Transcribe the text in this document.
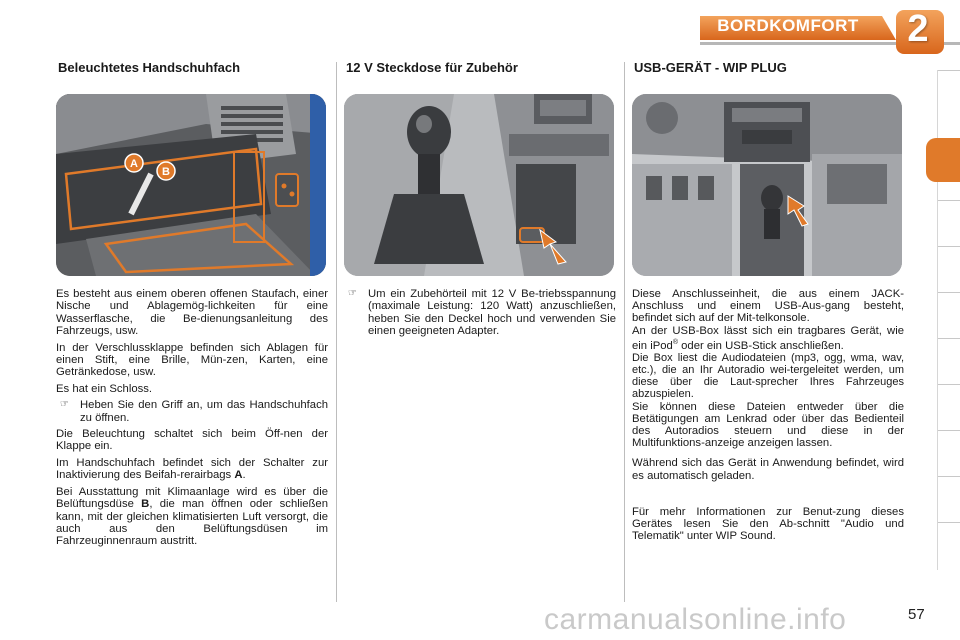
BORDKOMFORT	2
Beleuchtetes Handschuhfach
A
B

Es besteht aus einem oberen offenen Staufach, einer Nische und Ablagemög-lichkeiten für eine Wasserflasche, die Be-dienungsanleitung des Fahrzeugs, usw.

In der Verschlussklappe befinden sich Ablagen für einen Stift, eine Brille, Mün-zen, Karten, eine Getränkedose, usw.

Es hat ein Schloss.

☞ Heben Sie den Griff an, um das Handschuhfach zu öffnen.

Die Beleuchtung schaltet sich beim Öff-nen der Klappe ein.

Im Handschuhfach befindet sich der Schalter zur Inaktivierung des Beifah-rerairbags A.

Bei Ausstattung mit Klimaanlage wird es über die Belüftungsdüse B, die man öffnen oder schließen kann, mit der gleichen klimatisierten Luft versorgt, die auch aus den Belüftungsdüsen im Fahrzeuginnenraum austritt.

12 V Steckdose für Zubehör

☞ Um ein Zubehörteil mit 12 V Be-triebsspannung (maximale Leistung: 120 Watt) anzuschließen, heben Sie den Deckel hoch und verwenden Sie einen geeigneten Adapter.

USB-GERÄT - WIP PLUG
Diese Anschlusseinheit, die aus einem JACK-Anschluss und einem USB-Aus-gang besteht, befindet sich auf der Mit-telkonsole.
An der USB-Box lässt sich ein tragbares Gerät, wie ein iPod® oder ein USB-Stick anschließen.
Die Box liest die Audiodateien (mp3, ogg, wma, wav, etc.), die an Ihr Autoradio wei-tergeleitet werden, um diese über die Laut-sprecher Ihres Fahrzeuges abzuspielen.
Sie können diese Dateien entweder über die Betätigungen am Lenkrad oder über das Bedienteil des Autoradios steuern und diese in der Multifunktions-anzeige anzeigen lassen.
Während sich das Gerät in Anwendung befindet, wird es automatisch geladen.
Für mehr Informationen zur Benut-zung dieses Gerätes lesen Sie den Ab-schnitt "Audio und Telematik" unter WIP Sound.
carmanualsonline.info	57
